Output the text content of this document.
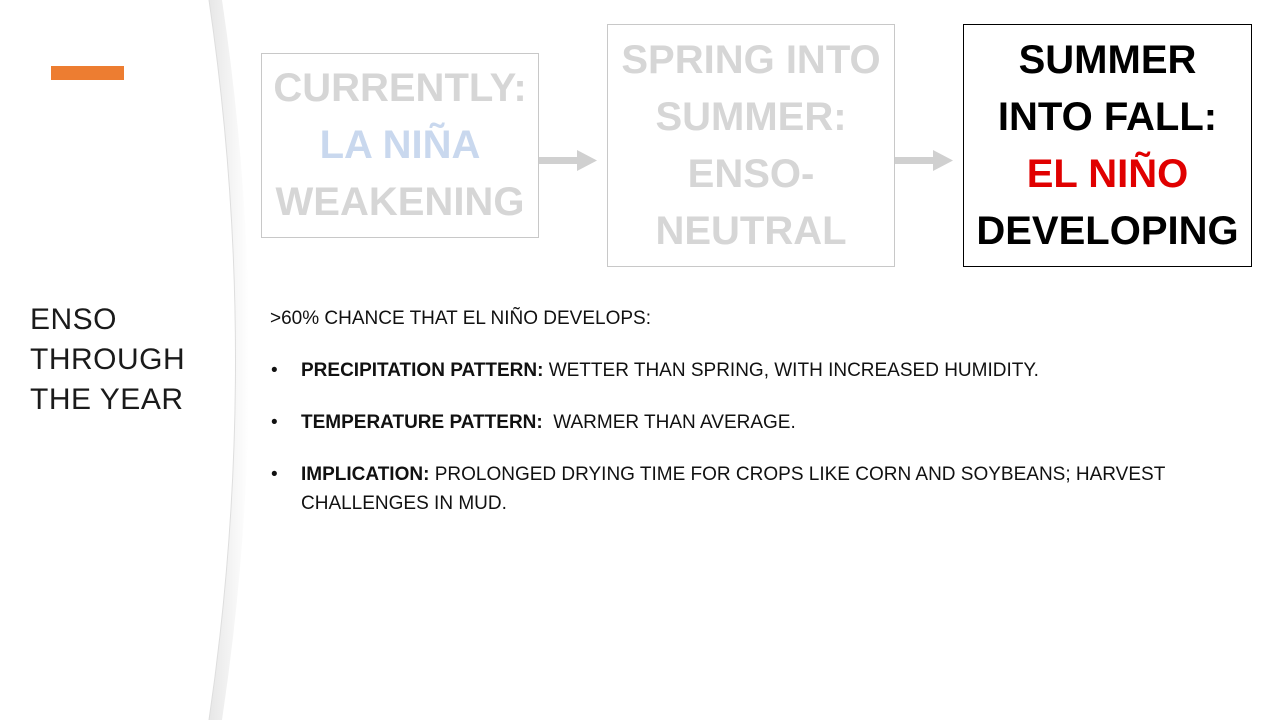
ENSO
THROUGH
THE YEAR
CURRENTLY:
LA NIÑA
WEAKENING
SPRING INTO
SUMMER:
ENSO-
NEUTRAL
SUMMER
INTO FALL:
EL NIÑO
DEVELOPING

>60% CHANCE THAT EL NIÑO DEVELOPS:

• PRECIPITATION PATTERN: WETTER THAN SPRING, WITH INCREASED HUMIDITY.
• TEMPERATURE PATTERN:  WARMER THAN AVERAGE.
• IMPLICATION: PROLONGED DRYING TIME FOR CROPS LIKE CORN AND SOYBEANS; HARVEST CHALLENGES IN MUD.
